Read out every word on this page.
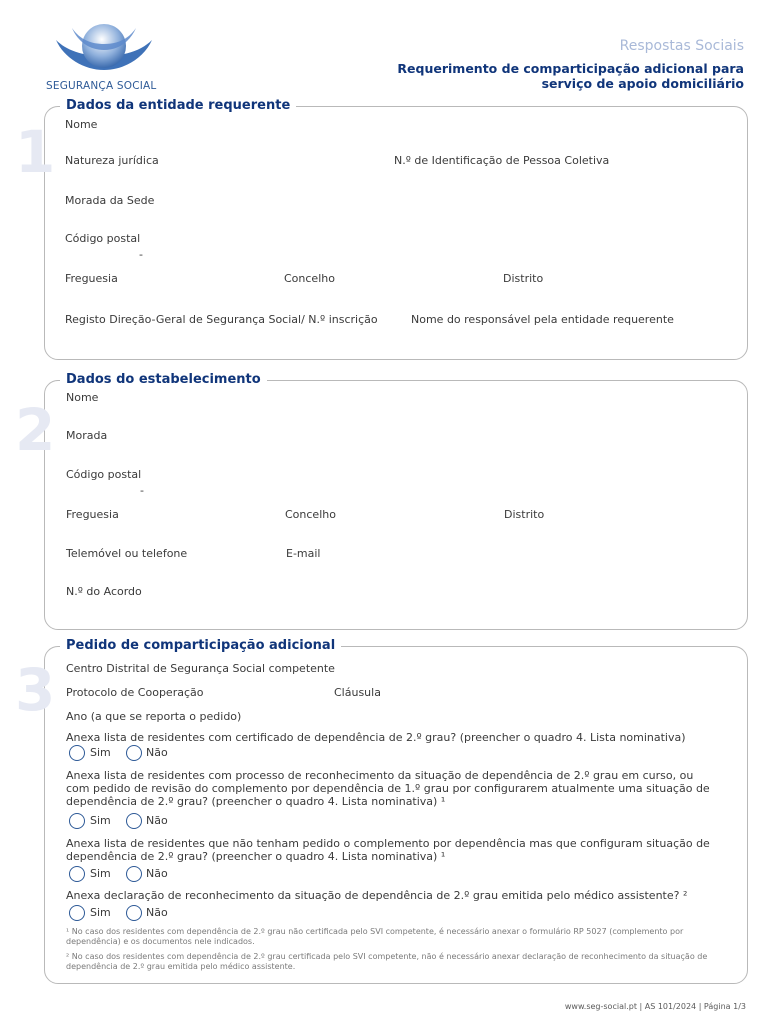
SEGURANÇA SOCIAL
Respostas Sociais
Requerimento de comparticipação adicional para
serviço de apoio domiciliário
1
Dados da entidade requerente
Nome
Natureza jurídica	N.º de Identificação de Pessoa Coletiva
Morada da Sede
Código postal
-
Freguesia	Concelho	Distrito
Registo Direção-Geral de Segurança Social/ N.º inscrição	Nome do responsável pela entidade requerente
2
Dados do estabelecimento
Nome
Morada
Código postal
-
Freguesia	Concelho	Distrito
Telemóvel ou telefone	E-mail
N.º do Acordo
3
Pedido de comparticipação adicional
Centro Distrital de Segurança Social competente
Protocolo de Cooperação	Cláusula
Ano (a que se reporta o pedido)
Anexa lista de residentes com certificado de dependência de 2.º grau? (preencher o quadro 4. Lista nominativa)
Sim	Não
Anexa lista de residentes com processo de reconhecimento da situação de dependência de 2.º grau em curso, ou com pedido de revisão do complemento por dependência de 1.º grau por configurarem atualmente uma situação de dependência de 2.º grau? (preencher o quadro 4. Lista nominativa) ¹
Sim	Não
Anexa lista de residentes que não tenham pedido o complemento por dependência mas que configuram situação de dependência de 2.º grau? (preencher o quadro 4. Lista nominativa) ¹
Sim	Não
Anexa declaração de reconhecimento da situação de dependência de 2.º grau emitida pelo médico assistente? ²
Sim	Não
¹ No caso dos residentes com dependência de 2.º grau não certificada pelo SVI competente, é necessário anexar o formulário RP 5027 (complemento por dependência) e os documentos nele indicados.
² No caso dos residentes com dependência de 2.º grau certificada pelo SVI competente, não é necessário anexar declaração de reconhecimento da situação de dependência de 2.º grau emitida pelo médico assistente.
www.seg-social.pt | AS 101/2024 | Página 1/3
